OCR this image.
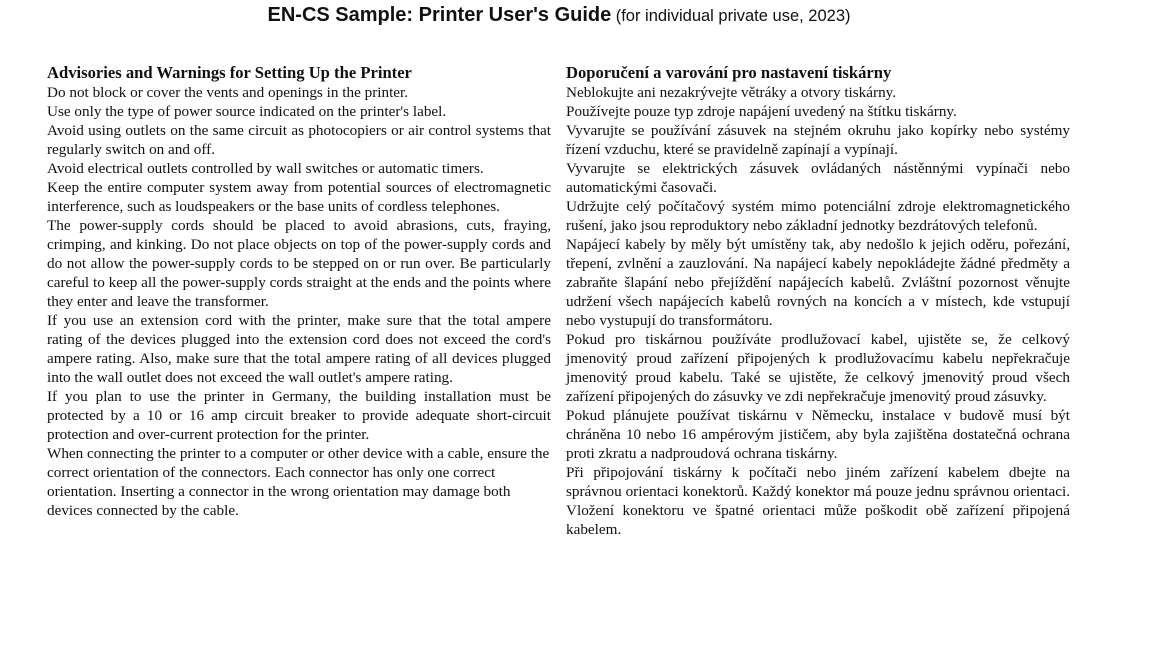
EN-CS Sample: Printer User's Guide (for individual private use, 2023)
Advisories and Warnings for Setting Up the Printer

Do not block or cover the vents and openings in the printer.

Use only the type of power source indicated on the printer's label.

Avoid using outlets on the same circuit as photocopiers or air control systems that regularly switch on and off.

Avoid electrical outlets controlled by wall switches or automatic timers.

Keep the entire computer system away from potential sources of electromagnetic interference, such as loudspeakers or the base units of cordless telephones.

The power-supply cords should be placed to avoid abrasions, cuts, fraying, crimping, and kinking. Do not place objects on top of the power-supply cords and do not allow the power-supply cords to be stepped on or run over. Be particularly careful to keep all the power-supply cords straight at the ends and the points where they enter and leave the transformer.

If you use an extension cord with the printer, make sure that the total ampere rating of the devices plugged into the extension cord does not exceed the cord's ampere rating. Also, make sure that the total ampere rating of all devices plugged into the wall outlet does not exceed the wall outlet's ampere rating.

If you plan to use the printer in Germany, the building installation must be protected by a 10 or 16 amp circuit breaker to provide adequate short-circuit protection and over-current protection for the printer.

When connecting the printer to a computer or other device with a cable, ensure the correct orientation of the connectors. Each connector has only one correct orientation. Inserting a connector in the wrong orientation may damage both devices connected by the cable.

Doporučení a varování pro nastavení tiskárny

Neblokujte ani nezakrývejte větráky a otvory tiskárny.

Používejte pouze typ zdroje napájení uvedený na štítku tiskárny.

Vyvarujte se používání zásuvek na stejném okruhu jako kopírky nebo systémy řízení vzduchu, které se pravidelně zapínají a vypínají.

Vyvarujte se elektrických zásuvek ovládaných nástěnnými vypínači nebo automatickými časovači.

Udržujte celý počítačový systém mimo potenciální zdroje elektromagnetického rušení, jako jsou reproduktory nebo základní jednotky bezdrátových telefonů.

Napájecí kabely by měly být umístěny tak, aby nedošlo k jejich oděru, pořezání, třepení, zvlnění a zauzlování. Na napájecí kabely nepokládejte žádné předměty a zabraňte šlapání nebo přejíždění napájecích kabelů. Zvláštní pozornost věnujte udržení všech napájecích kabelů rovných na koncích a v místech, kde vstupují nebo vystupují do transformátoru.

Pokud pro tiskárnou používáte prodlužovací kabel, ujistěte se, že celkový jmenovitý proud zařízení připojených k prodlužovacímu kabelu nepřekračuje jmenovitý proud kabelu. Také se ujistěte, že celkový jmenovitý proud všech zařízení připojených do zásuvky ve zdi nepřekračuje jmenovitý proud zásuvky.

Pokud plánujete používat tiskárnu v Německu, instalace v budově musí být chráněna 10 nebo 16 ampérovým jističem, aby byla zajištěna dostatečná ochrana proti zkratu a nadproudová ochrana tiskárny.

Při připojování tiskárny k počítači nebo jiném zařízení kabelem dbejte na správnou orientaci konektorů. Každý konektor má pouze jednu správnou orientaci. Vložení konektoru ve špatné orientaci může poškodit obě zařízení připojená kabelem.
